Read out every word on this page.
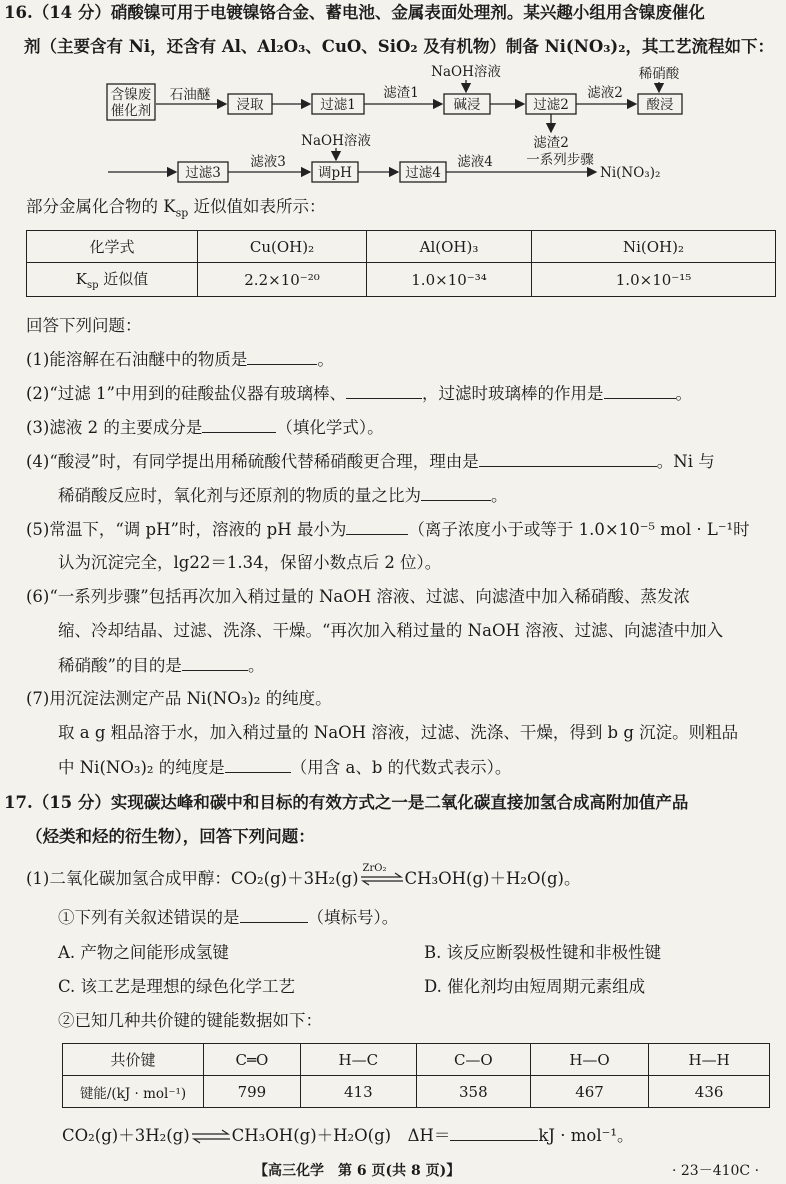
16.（14 分）硝酸镍可用于电镀镍铬合金、蓄电池、金属表面处理剂。某兴趣小组用含镍废催化
剂（主要含有 Ni，还含有 Al、Al₂O₃、CuO、SiO₂ 及有机物）制备 Ni(NO₃)₂，其工艺流程如下：
含镍废
催化剂
石油醚
浸取	过滤1
滤渣1
NaOH溶液
碱浸	过滤2
滤液2
稀硝酸
酸浸
滤渣2
过滤3
滤液3
NaOH溶液
调pH	过滤4
滤液4 一系列步骤
Ni(NO₃)₂
部分金属化合物的 $K_{sp}$ 近似值如表所示：
化学式	Cu(OH)₂	Al(OH)₃	Ni(OH)₂
$K_{sp}$ 近似值	2.2×10⁻²⁰	1.0×10⁻³⁴	1.0×10⁻¹⁵
回答下列问题：
(1)能溶解在石油醚中的物质是	。
(2)“过滤 1”中用到的硅酸盐仪器有玻璃棒、	，过滤时玻璃棒的作用是	。
(3)滤液 2 的主要成分是	（填化学式）。
(4)“酸浸”时，有同学提出用稀硫酸代替稀硝酸更合理，理由是	。Ni 与
稀硝酸反应时，氧化剂与还原剂的物质的量之比为	。
(5)常温下，“调 pH”时，溶液的 pH 最小为	（离子浓度小于或等于 1.0×10⁻⁵ mol · L⁻¹时
认为沉淀完全，lg22＝1.34，保留小数点后 2 位）。
(6)“一系列步骤”包括再次加入稍过量的 NaOH 溶液、过滤、向滤渣中加入稀硝酸、蒸发浓
缩、冷却结晶、过滤、洗涤、干燥。“再次加入稍过量的 NaOH 溶液、过滤、向滤渣中加入
稀硝酸”的目的是	。
(7)用沉淀法测定产品 Ni(NO₃)₂ 的纯度。
取 a g 粗品溶于水，加入稍过量的 NaOH 溶液，过滤、洗涤、干燥，得到 b g 沉淀。则粗品
中 Ni(NO₃)₂ 的纯度是	（用含 a、b 的代数式表示）。
17.（15 分）实现碳达峰和碳中和目标的有效方式之一是二氧化碳直接加氢合成高附加值产品
（烃类和烃的衍生物），回答下列问题：
(1)二氧化碳加氢合成甲醇：CO₂(g)＋3H₂(g)
ZrO₂
CH₃OH(g)＋H₂O(g)。
①下列有关叙述错误的是	（填标号）。
A. 产物之间能形成氢键	B. 该反应断裂极性键和非极性键
C. 该工艺是理想的绿色化学工艺	D. 催化剂均由短周期元素组成
②已知几种共价键的键能数据如下：
共价键	C═O	H—C	C—O	H—O	H—H
键能/(kJ · mol⁻¹)	799	413	358	467	436
CO₂(g)＋3H₂(g)⇌CH₃OH(g)＋H₂O(g)　ΔH＝	kJ · mol⁻¹。
【高三化学　第 6 页(共 8 页)】	· 23－410C ·
